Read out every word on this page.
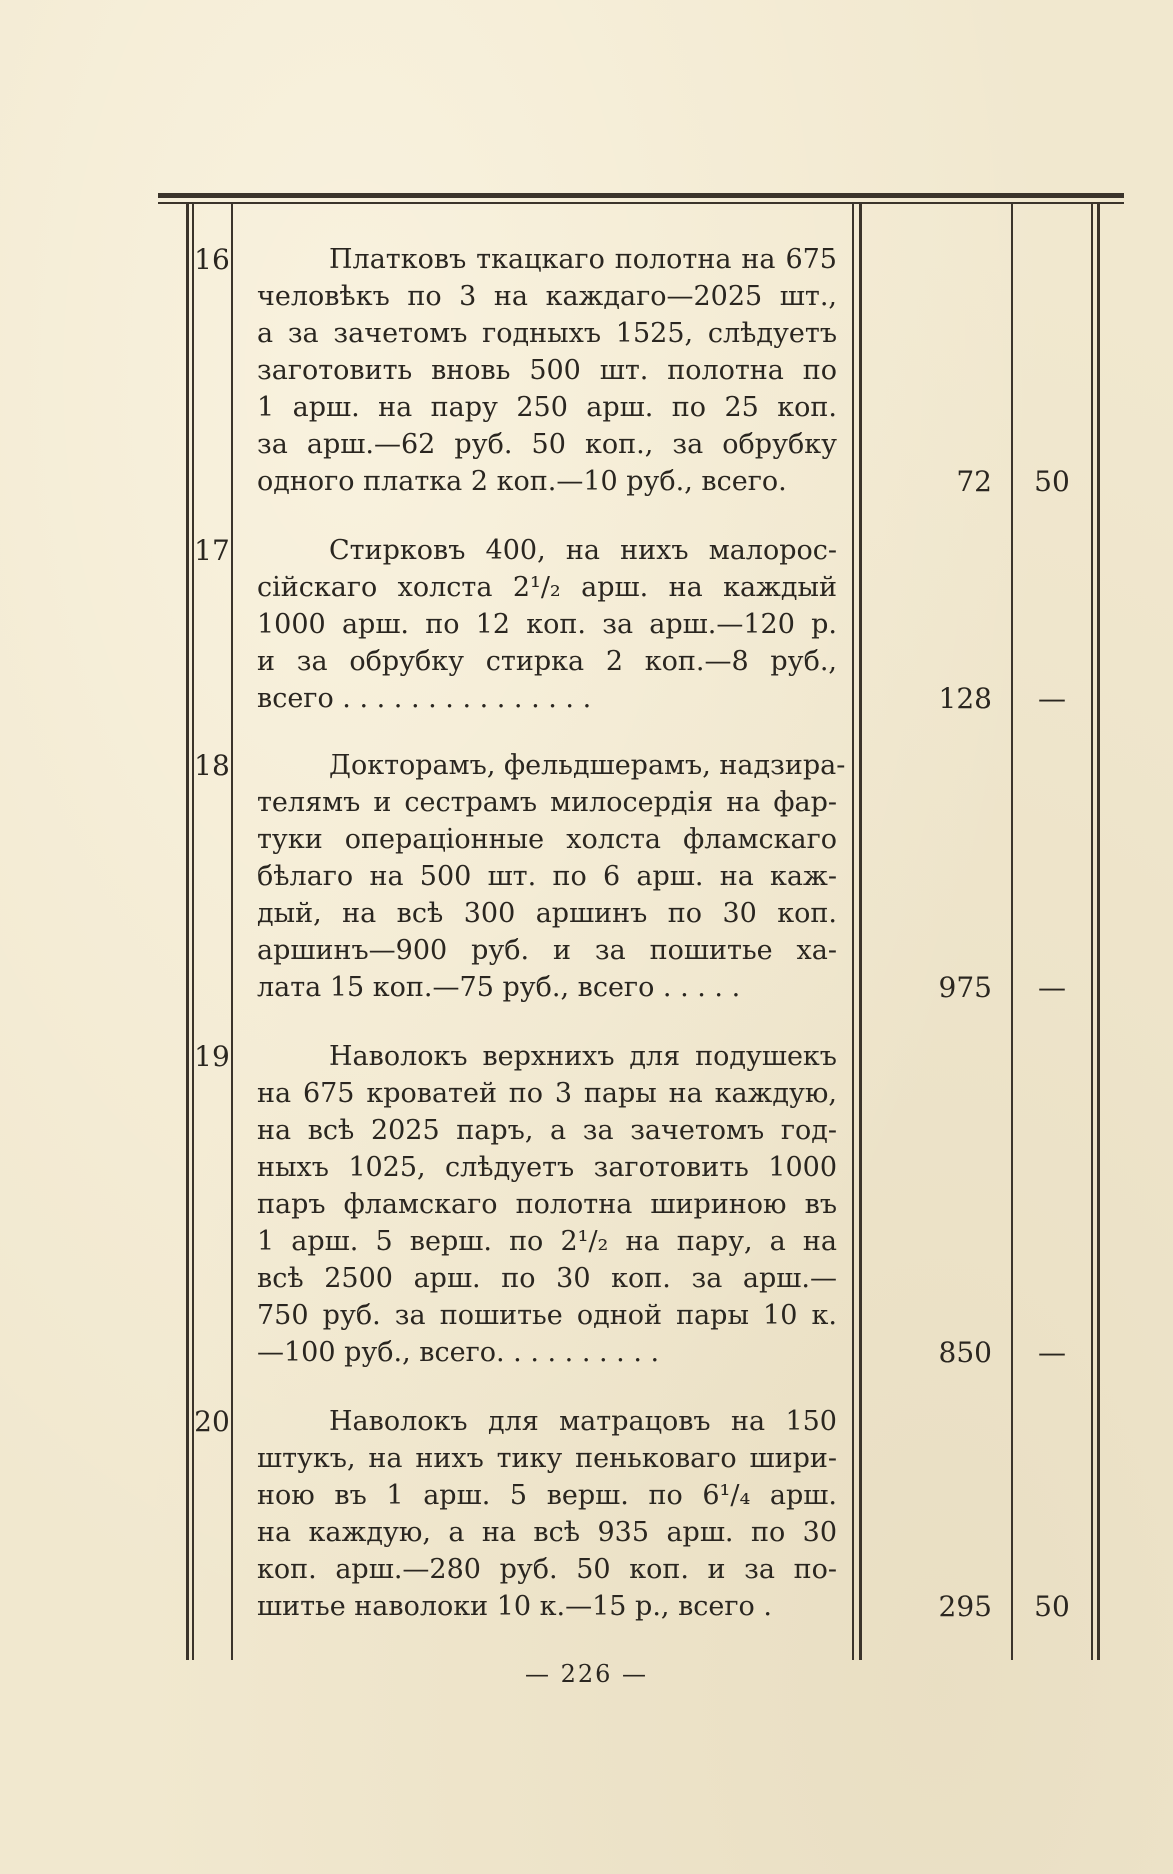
16	Платковъ ткацкаго полотна на 675
человѣкъ по 3 на каждаго—2025 шт.,
а за зачетомъ годныхъ 1525, слѣдуетъ
заготовить вновь 500 шт. полотна по
1 арш. на пару 250 арш. по 25 коп.
за арш.—62 руб. 50 коп., за обрубку
одного платка 2 коп.—10 руб., всего.	72	50
17	Стирковъ 400, на нихъ малорос-
сійскаго холста 2¹/₂ арш. на каждый
1000 арш. по 12 коп. за арш.—120 р.
и за обрубку стирка 2 коп.—8 руб.,
всего . . . . . . . . . . . . . . .	128	—
18	Докторамъ, фельдшерамъ, надзира-
телямъ и сестрамъ милосердія на фар-
туки операціонные холста фламскаго
бѣлаго на 500 шт. по 6 арш. на каж-
дый, на всѣ 300 аршинъ по 30 коп.
аршинъ—900 руб. и за пошитье ха-
лата 15 коп.—75 руб., всего . . . . .	975	—
19	Наволокъ верхнихъ для подушекъ
на 675 кроватей по 3 пары на каждую,
на всѣ 2025 паръ, а за зачетомъ год-
ныхъ 1025, слѣдуетъ заготовить 1000
паръ фламскаго полотна шириною въ
1 арш. 5 верш. по 2¹/₂ на пару, а на
всѣ 2500 арш. по 30 коп. за арш.—
750 руб. за пошитье одной пары 10 к.
—100 руб., всего. . . . . . . . . .	850	—
20	Наволокъ для матрацовъ на 150
штукъ, на нихъ тику пеньковаго шири-
ною въ 1 арш. 5 верш. по 6¹/₄ арш.
на каждую, а на всѣ 935 арш. по 30
коп. арш.—280 руб. 50 коп. и за по-
шитье наволоки 10 к.—15 р., всего .	295	50
— 226 —
